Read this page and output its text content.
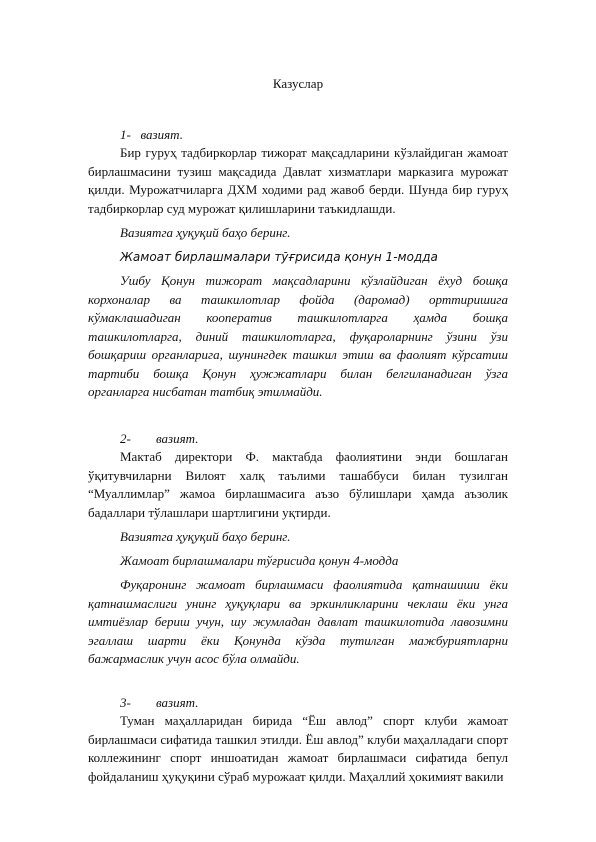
Казуслар
1- вазият.

Бир гуруҳ тадбиркорлар тижорат мақсадларини кўзлайдиган жамоат бирлашмасини тузиш мақсадида Давлат хизматлари марказига мурожат қилди. Мурожатчиларга ДХМ ходими рад жавоб берди. Шунда бир гуруҳ тадбиркорлар суд мурожат қилишларини таъкидлашди.

Вазиятга ҳуқуқий баҳо беринг.
Жамоат бирлашмалари тўғрисида қонун 1-модда

Ушбу Қонун тижорат мақсадларини кўзлайдиган ёхуд бошқа корхоналар ва ташкилотлар фойда (даромад) орттиришига кўмаклашадиган кооператив ташкилотларга ҳамда бошқа ташкилотларга, диний ташкилотларга, фуқароларнинг ўзини ўзи бошқариш органларига, шунингдек ташкил этиш ва фаолият кўрсатиш тартиби бошқа Қонун ҳужжатлари билан белгиланадиган ўзга органларга нисбатан татбиқ этилмайди.

2- вазият.

Мактаб директори Ф. мактабда фаолиятини энди бошлаган ўқитувчиларни Вилоят халқ таълими ташаббуси билан тузилган “Муаллимлар” жамоа бирлашмасига аъзо бўлишлари ҳамда аъзолик бадаллари тўлашлари шартлигини уқтирди.

Вазиятга ҳуқуқий баҳо беринг.
Жамоат бирлашмалари тўғрисида қонун 4-модда

Фуқаронинг жамоат бирлашмаси фаолиятида қатнашиши ёки қатнашмаслиги унинг ҳуқуқлари ва эркинликларини чеклаш ёки унга имтиёзлар бериш учун, шу жумладан давлат ташкилотида лавозимни эгаллаш шарти ёки Қонунда кўзда тутилган мажбуриятларни бажармаслик учун асос бўла олмайди.

3- вазият.

Туман маҳалларидан бирида “Ёш авлод” спорт клуби жамоат бирлашмаси сифатида ташкил этилди. Ёш авлод” клуби маҳалладаги спорт коллежининг спорт иншоатидан жамоат бирлашмаси сифатида бепул фойдаланиш ҳуқуқини сўраб мурожаат қилди. Маҳаллий ҳокимият вакили
